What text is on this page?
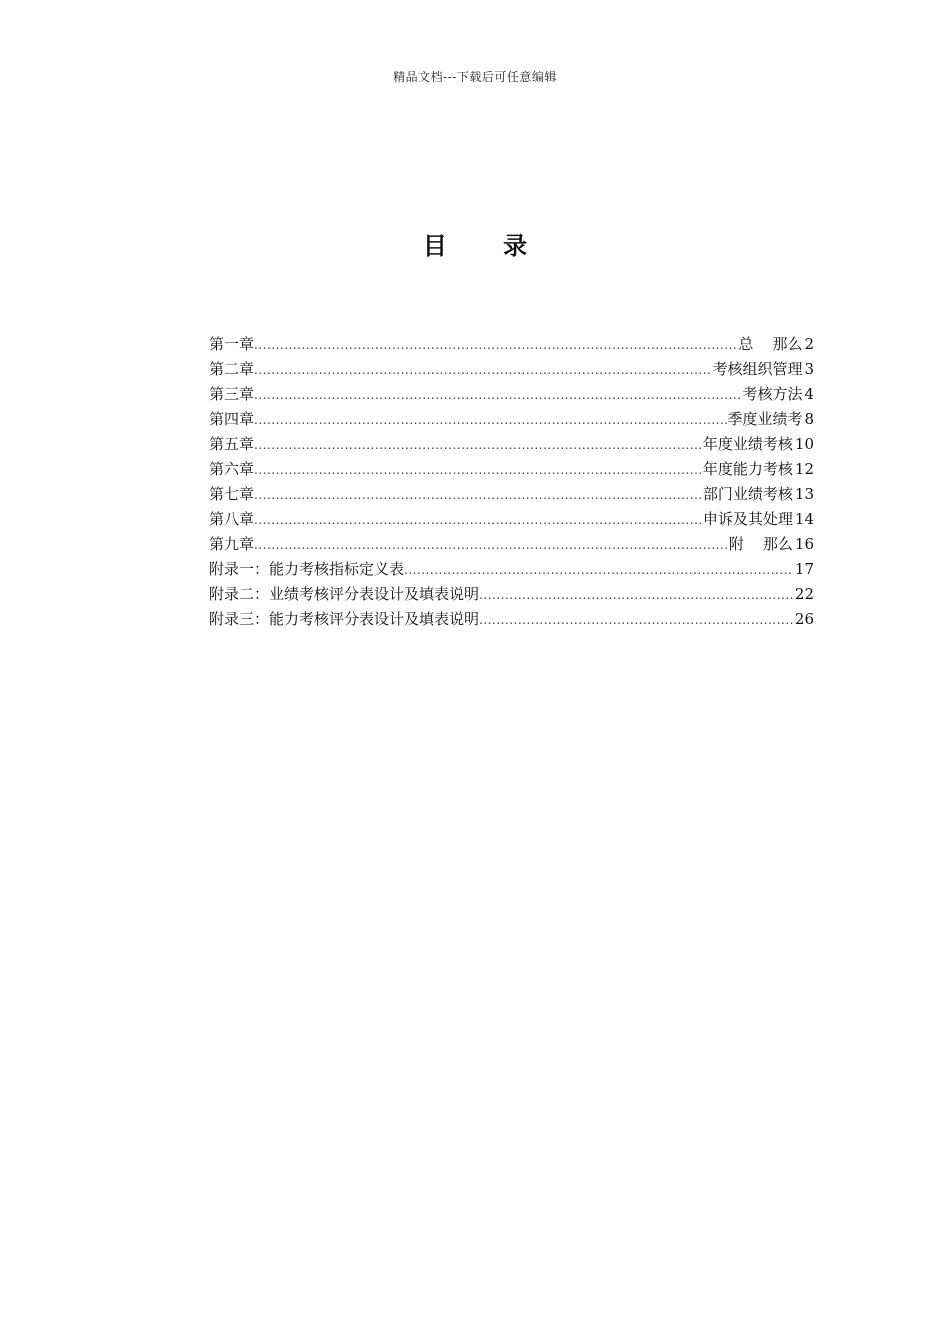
精品文档---下载后可任意编辑
目 录
第一章 .....	总    那么 2
第二章 .....	考核组织管理 3
第三章 .....	考核方法 4
第四章 .....	季度业绩考 8
第五章 .....	年度业绩考核 10
第六章 .....	年度能力考核 12
第七章 .....	部门业绩考核 13
第八章 .....	申诉及其处理 14
第九章 .....	附    那么 16
附录一：能力考核指标定义表 .....	17
附录二：业绩考核评分表设计及填表说明 .....	22
附录三：能力考核评分表设计及填表说明 .....	26
